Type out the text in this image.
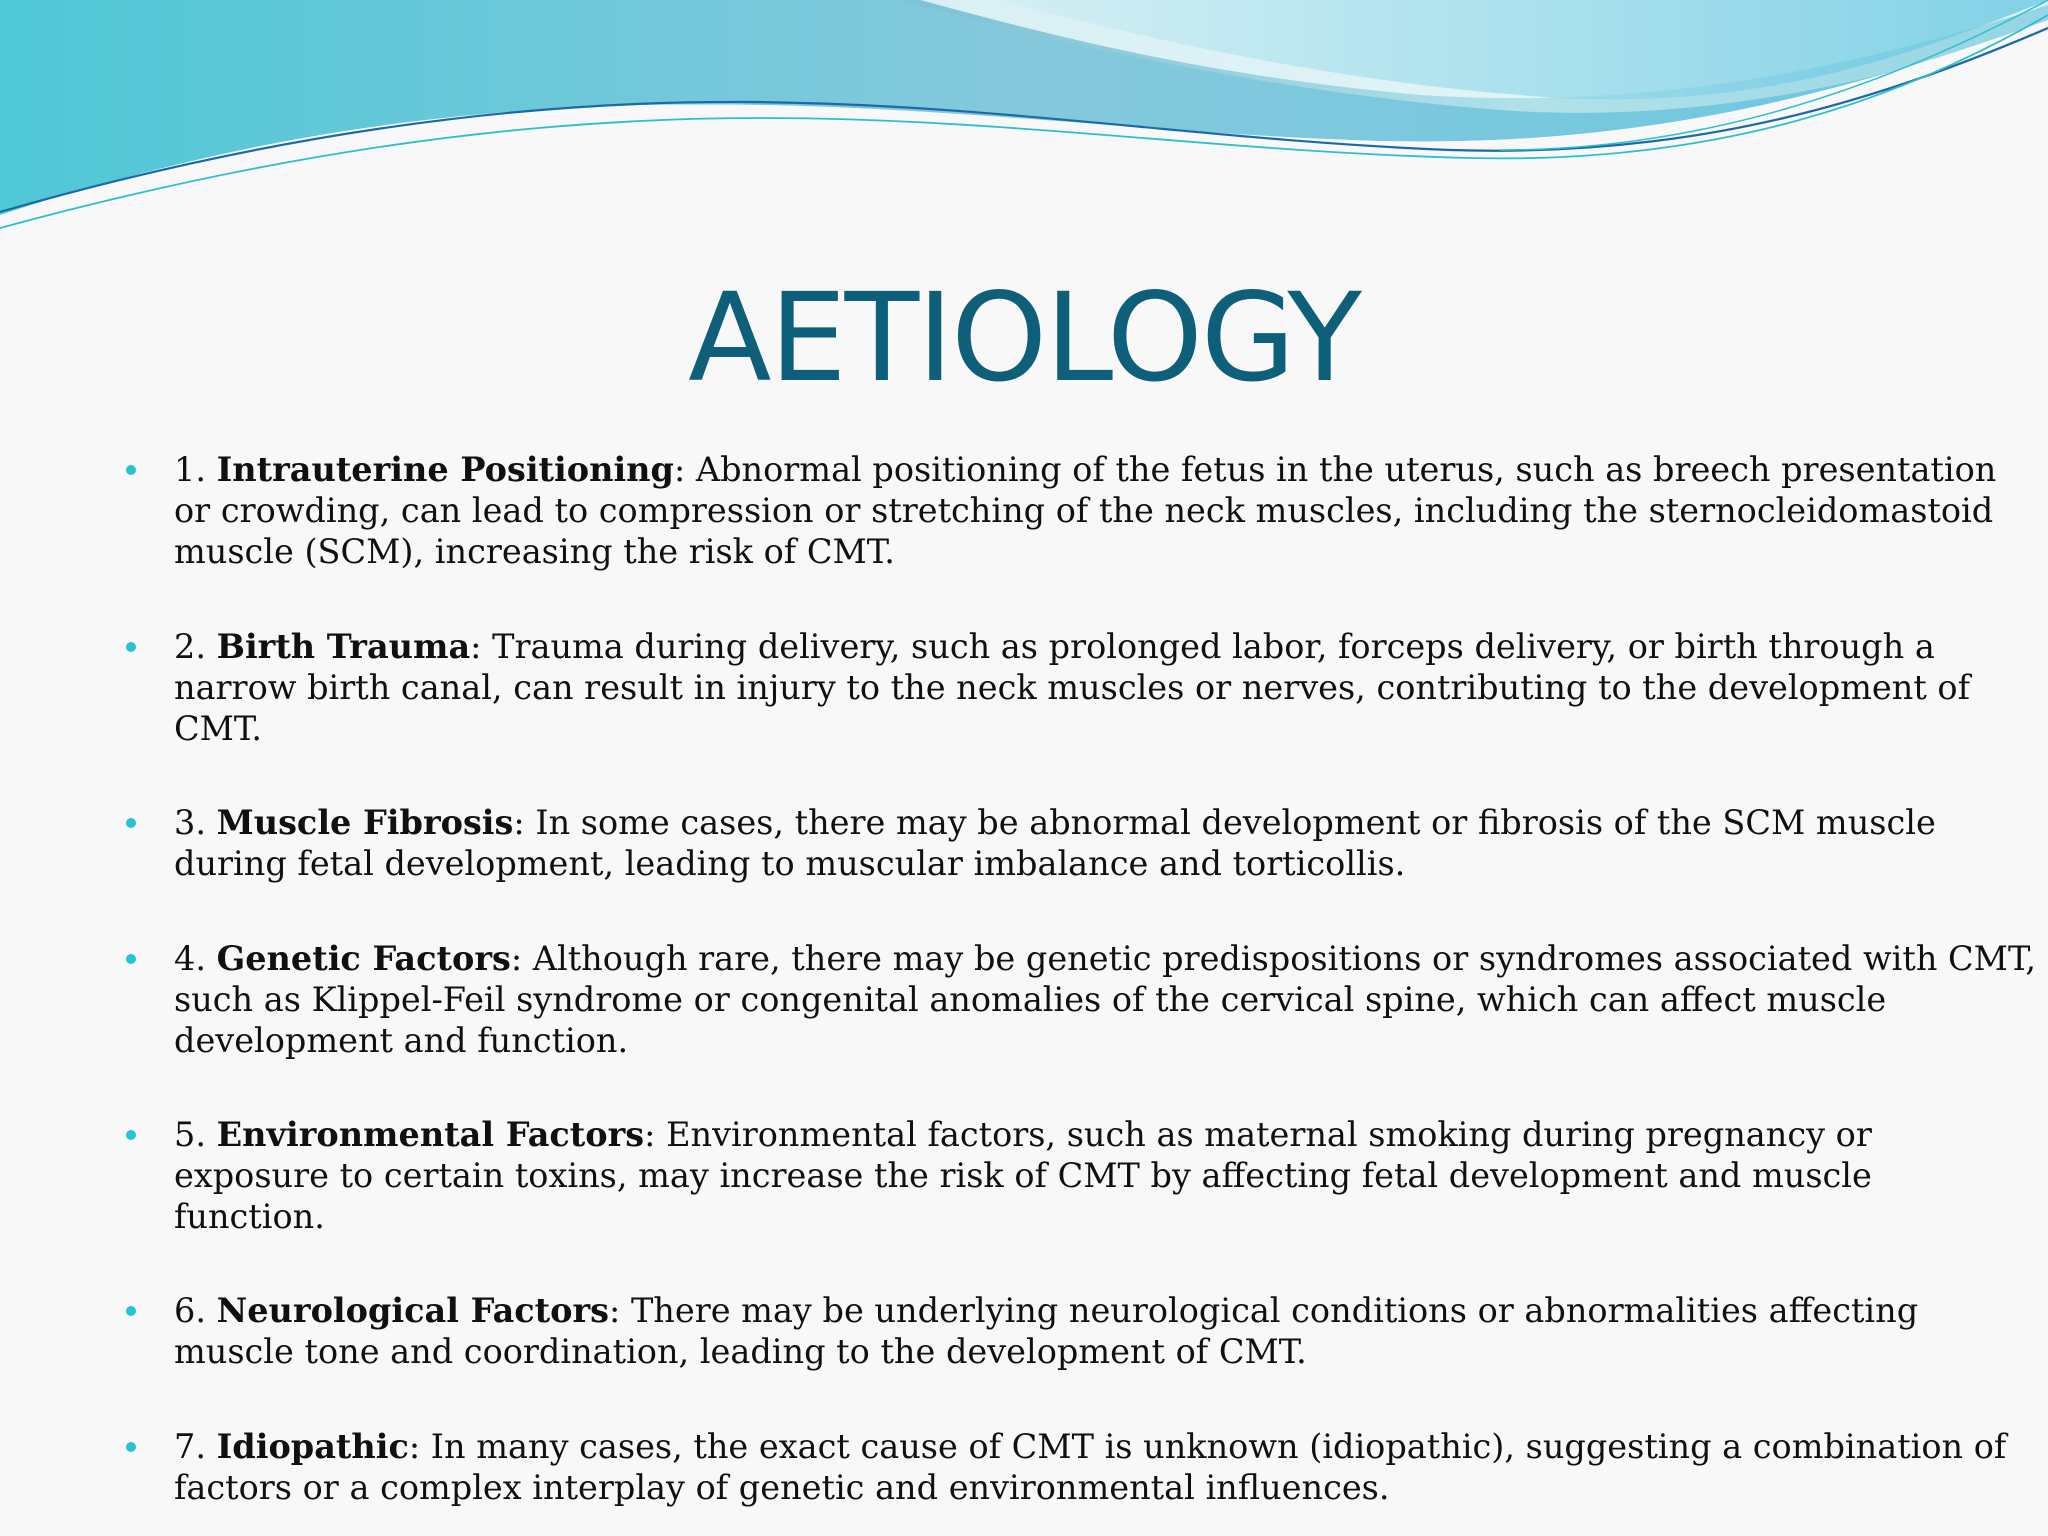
AETIOLOGY
1. Intrauterine Positioning: Abnormal positioning of the fetus in the uterus, such as breech presentation
or crowding, can lead to compression or stretching of the neck muscles, including the sternocleidomastoid
muscle (SCM), increasing the risk of CMT.
2. Birth Trauma: Trauma during delivery, such as prolonged labor, forceps delivery, or birth through a
narrow birth canal, can result in injury to the neck muscles or nerves, contributing to the development of
CMT.
3. Muscle Fibrosis: In some cases, there may be abnormal development or fibrosis of the SCM muscle
during fetal development, leading to muscular imbalance and torticollis.
4. Genetic Factors: Although rare, there may be genetic predispositions or syndromes associated with CMT,
such as Klippel-Feil syndrome or congenital anomalies of the cervical spine, which can affect muscle
development and function.
5. Environmental Factors: Environmental factors, such as maternal smoking during pregnancy or
exposure to certain toxins, may increase the risk of CMT by affecting fetal development and muscle
function.
6. Neurological Factors: There may be underlying neurological conditions or abnormalities affecting
muscle tone and coordination, leading to the development of CMT.
7. Idiopathic: In many cases, the exact cause of CMT is unknown (idiopathic), suggesting a combination of
factors or a complex interplay of genetic and environmental influences.
